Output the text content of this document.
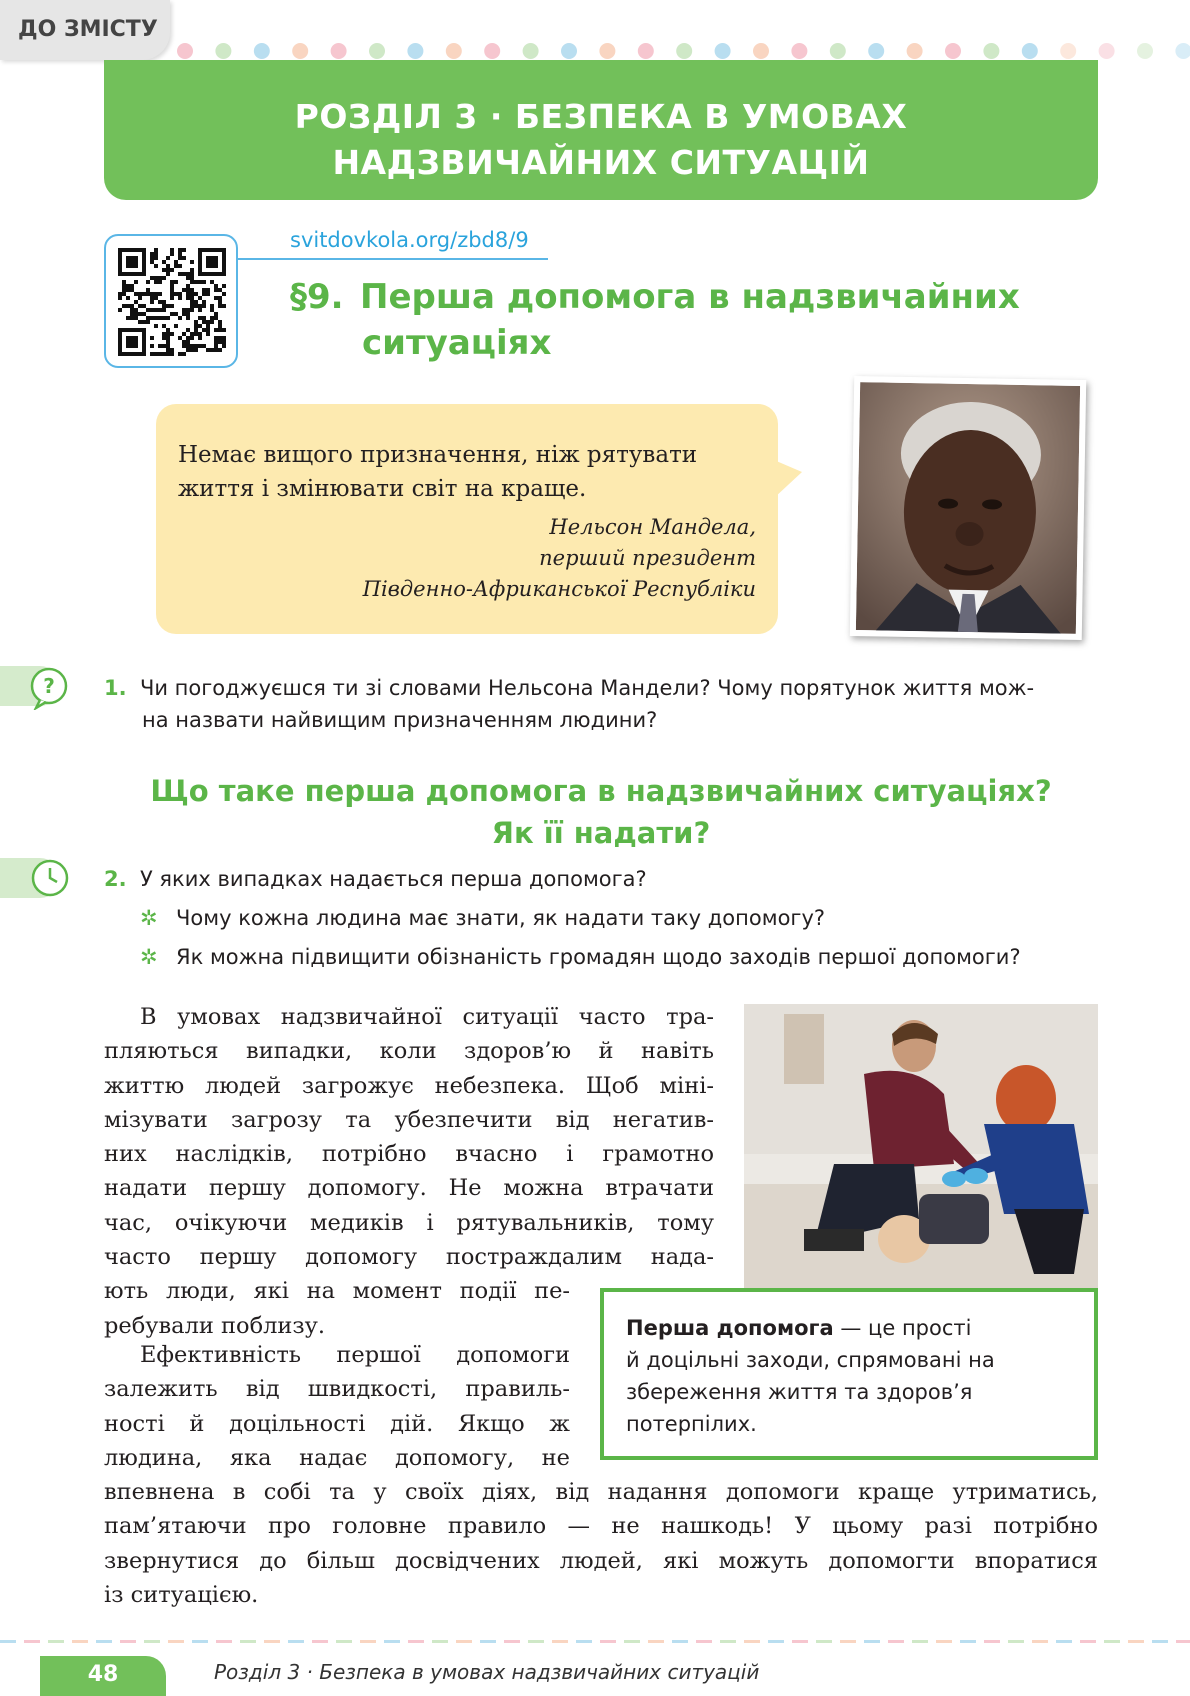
ДО ЗМІСТУ
РОЗДІЛ 3 · БЕЗПЕКА В УМОВАХ
НАДЗВИЧАЙНИХ СИТУАЦІЙ
svitdovkola.org/zbd8/9
§9. Перша допомога в надзвичайних
ситуаціях
Немає вищого призначення, ніж рятувати
життя і змінювати світ на краще.
Нельсон Мандела,
перший президент
Південно-Африканської Республіки
? 1. Чи погоджуєшся ти зі словами Нельсона Мандели? Чому порятунок життя мож-
на назвати найвищим призначенням людини?
Що таке перша допомога в надзвичайних ситуаціях?
Як її надати?
2. У яких випадках надається перша допомога?
✲ Чому кожна людина має знати, як надати таку допомогу?
✲ Як можна підвищити обізнаність громадян щодо заходів першої допомоги?
В умовах надзвичайної ситуації часто тра-
пляються випадки, коли здоров’ю й навіть
життю людей загрожує небезпека. Щоб міні-
мізувати загрозу та убезпечити від негатив-
них наслідків, потрібно вчасно і грамотно
надати першу допомогу. Не можна втрачати
час, очікуючи медиків і рятувальників, тому
часто першу допомогу постраждалим нада-
ють люди, які на момент події пе-
ребували поблизу.
Ефективність першої допомоги
залежить від швидкості, правиль-
ності й доцільності дій. Якщо ж
людина, яка надає допомогу, не
впевнена в собі та у своїх діях, від надання допомоги краще утриматись,
пам’ятаючи про головне правило — не нашкодь! У цьому разі потрібно
звернутися до більш досвідчених людей, які можуть допомогти впоратися
із ситуацією.
Перша допомога — це прості
й доцільні заходи, спрямовані на
збереження життя та здоров’я
потерпілих.
48	Розділ 3 · Безпека в умовах надзвичайних ситуацій
